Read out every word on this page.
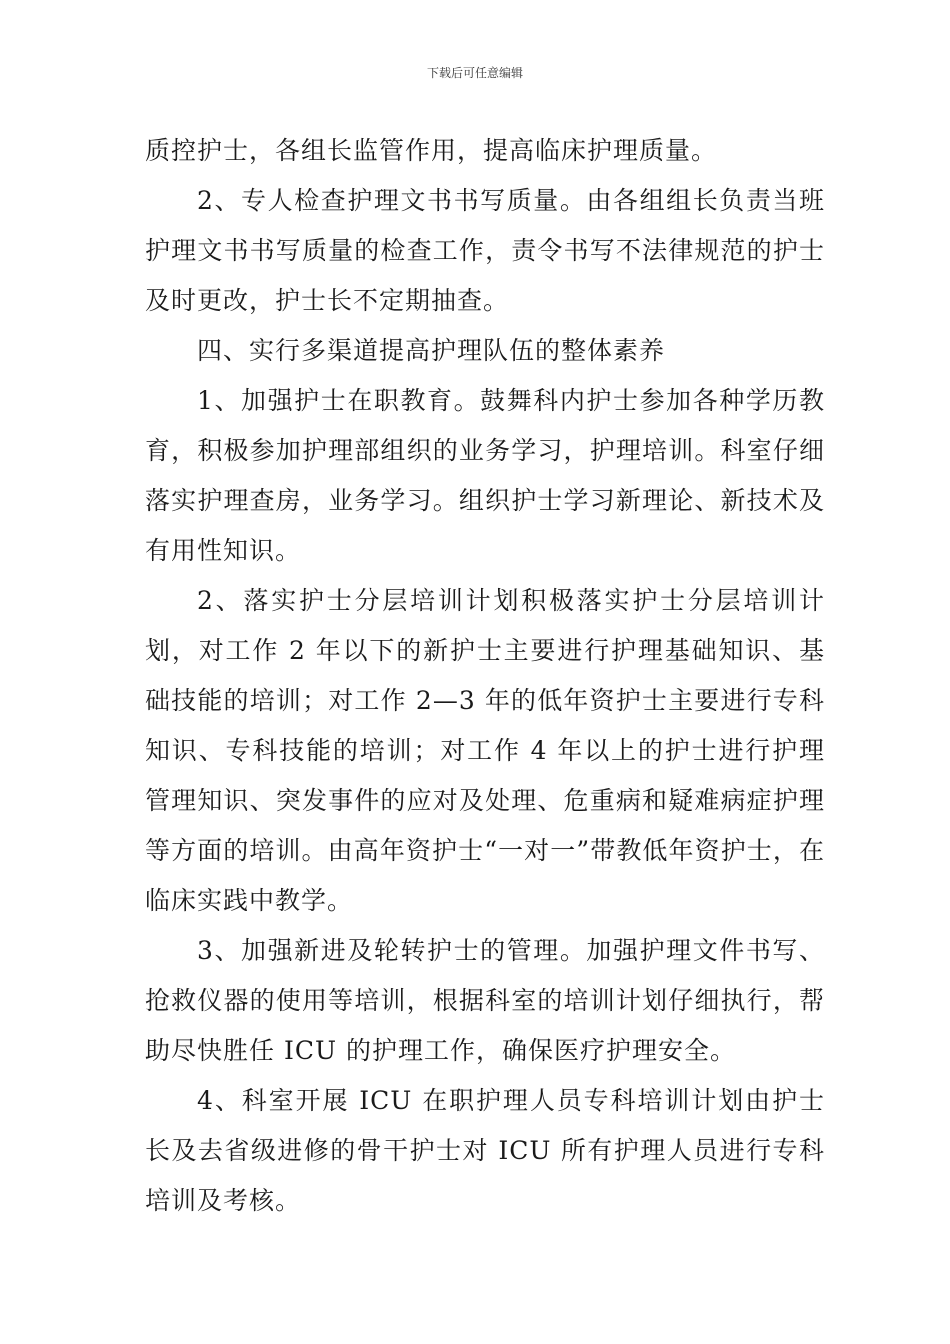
下载后可任意编辑

质控护士，各组长监管作用，提高临床护理质量。

2、专人检查护理文书书写质量。由各组组长负责当班护理文书书写质量的检查工作，责令书写不法律规范的护士及时更改，护士长不定期抽查。

四、实行多渠道提高护理队伍的整体素养

1、加强护士在职教育。鼓舞科内护士参加各种学历教育，积极参加护理部组织的业务学习，护理培训。科室仔细落实护理查房，业务学习。组织护士学习新理论、新技术及有用性知识。

2、落实护士分层培训计划积极落实护士分层培训计划，对工作 2 年以下的新护士主要进行护理基础知识、基础技能的培训；对工作 2—3 年的低年资护士主要进行专科知识、专科技能的培训；对工作 4 年以上的护士进行护理管理知识、突发事件的应对及处理、危重病和疑难病症护理等方面的培训。由高年资护士“一对一”带教低年资护士，在临床实践中教学。

3、加强新进及轮转护士的管理。加强护理文件书写、抢救仪器的使用等培训，根据科室的培训计划仔细执行，帮助尽快胜任 ICU 的护理工作，确保医疗护理安全。

4、科室开展 ICU 在职护理人员专科培训计划由护士长及去省级进修的骨干护士对 ICU 所有护理人员进行专科培训及考核。
